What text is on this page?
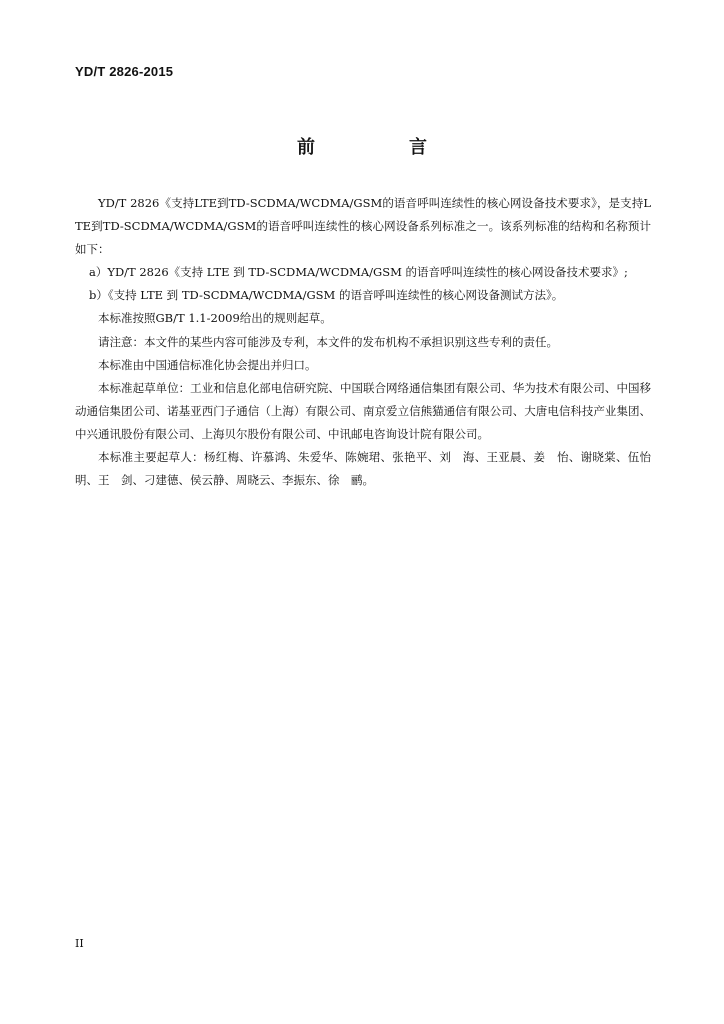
YD/T 2826-2015
前　言

YD/T 2826《支持LTE到TD-SCDMA/WCDMA/GSM的语音呼叫连续性的核心网设备技术要求》，是支持LTE到TD-SCDMA/WCDMA/GSM的语音呼叫连续性的核心网设备系列标准之一。该系列标准的结构和名称预计如下：

a）YD/T 2826《支持 LTE 到 TD-SCDMA/WCDMA/GSM 的语音呼叫连续性的核心网设备技术要求》;

b）《支持 LTE 到 TD-SCDMA/WCDMA/GSM 的语音呼叫连续性的核心网设备测试方法》。

本标准按照GB/T 1.1-2009给出的规则起草。

请注意：本文件的某些内容可能涉及专利，本文件的发布机构不承担识别这些专利的责任。

本标准由中国通信标准化协会提出并归口。

本标准起草单位：工业和信息化部电信研究院、中国联合网络通信集团有限公司、华为技术有限公司、中国移动通信集团公司、诺基亚西门子通信（上海）有限公司、南京爱立信熊猫通信有限公司、大唐电信科技产业集团、中兴通讯股份有限公司、上海贝尔股份有限公司、中讯邮电咨询设计院有限公司。

本标准主要起草人：杨红梅、许慕鸿、朱爱华、陈婉珺、张艳平、刘　海、王亚晨、姜　怡、谢晓棠、伍怡明、王　剑、刁建德、侯云静、周晓云、李振东、徐　鹂。

II
